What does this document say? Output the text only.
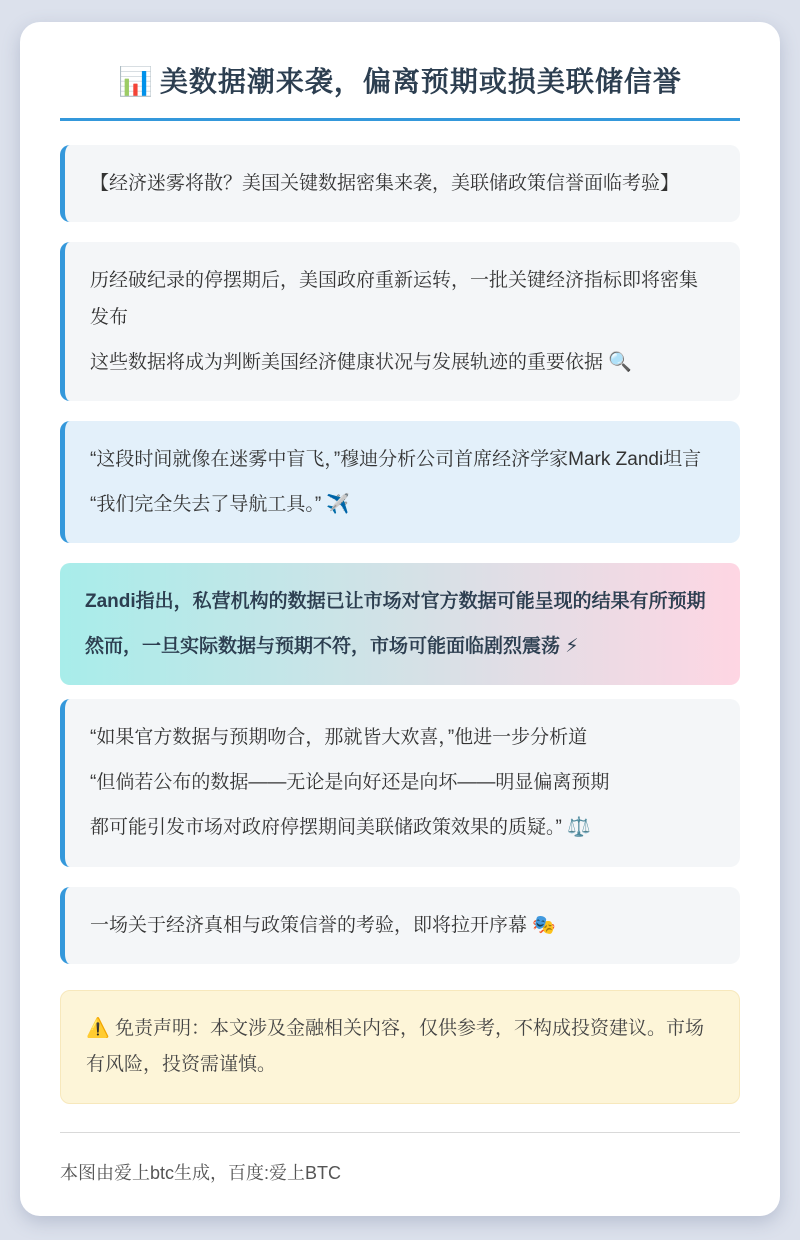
📊 美数据潮来袭，偏离预期或损美联储信誉

【经济迷雾将散？美国关键数据密集来袭，美联储政策信誉面临考验】

历经破纪录的停摆期后，美国政府重新运转，一批关键经济指标即将密集发布

这些数据将成为判断美国经济健康状况与发展轨迹的重要依据 🔍

“这段时间就像在迷雾中盲飞，”穆迪分析公司首席经济学家Mark Zandi坦言

“我们完全失去了导航工具。” ✈️

Zandi指出，私营机构的数据已让市场对官方数据可能呈现的结果有所预期

然而，一旦实际数据与预期不符，市场可能面临剧烈震荡 ⚡

“如果官方数据与预期吻合，那就皆大欢喜，”他进一步分析道

“但倘若公布的数据——无论是向好还是向坏——明显偏离预期

都可能引发市场对政府停摆期间美联储政策效果的质疑。” ⚖️

一场关于经济真相与政策信誉的考验，即将拉开序幕 🎭

⚠️ 免责声明：本文涉及金融相关内容，仅供参考，不构成投资建议。市场有风险，投资需谨慎。
本图由爱上btc生成，百度:爱上BTC
